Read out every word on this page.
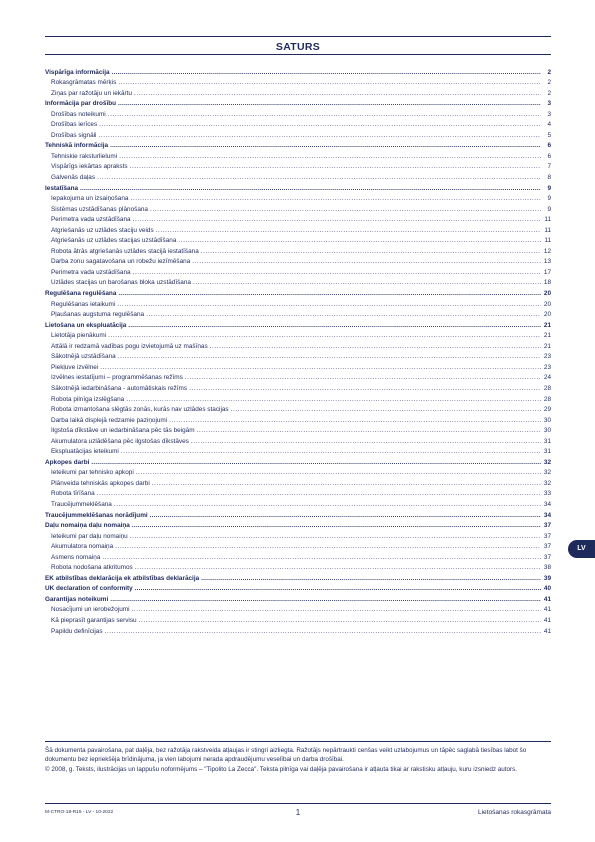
SATURS
Vispārīga informācija .....	2
Rokasgrāmatas mērķis .....	2
Ziņas par ražotāju un iekārtu .....	2
Informācija par drošību .....	3
Drošības noteikumi .....	3
Drošības ierīces .....	4
Drošības signāli .....	5
Tehniskā informācija .....	6
Tehniskie raksturlielumi .....	6
Vispārīgs iekārtas apraksts .....	7
Galvenās daļas .....	8
Iestatīšana .....	9
Iepakojuma un izsaiņošana .....	9
Sistēmas uzstādīšanas plānošana .....	9
Perimetra vada uzstādīšana .....	11
Atgriešanās uz uzlādes staciju veids .....	11
Atgriešanās uz uzlādes stacijas uzstādīšana .....	11
Robota ātrās atgriešanās uzlādes stacijā iestatīšana .....	12
Darba zonu sagatavošana un robežu iezīmēšana .....	13
Perimetra vada uzstādīšana .....	17
Uzlādes stacijas un barošanas bloka uzstādīšana .....	18
Regulēšana regulēšana .....	20
Regulēšanas ietaikumi .....	20
Pļaušanas augstuma regulēšana .....	20
Lietošana un ekspluatācija .....	21
Lietotāja pienākumi .....	21
Attālā ir redzamā vadības pogu izvietojumā uz mašīnas .....	21
Sākotnējā uzstādīšana .....	23
Piekļuve izvēlnei .....	23
Izvēlnes iestatījumi – programmēšanas režīms .....	24
Sākotnējā iedarbināšana - automātiskais režīms .....	28
Robota pilnīga izslēgšana .....	28
Robota izmantošana slēgtās zonās, kurās nav uzlādes stacijas .....	29
Darba laikā displejā redzamie paziņojumi .....	30
Ilgstoša dīkstāve un iedarbināšana pēc tās beigām .....	30
Akumulatora uzlādēšana pēc ilgstošas dīkstāves .....	31
Ekspluatācijas ieteikumi .....	31
Apkopes darbi .....	32
Ieteikumi par tehnisko apkopi .....	32
Plānveida tehniskās apkopes darbi .....	32
Robota tīrīšana .....	33
Traucējummeklēšana .....	34
Traucējummeklēšanas norādījumi .....	34
Daļu nomaiņa daļu nomaiņa .....	37
Ieteikumi par daļu nomaiņu .....	37
Akumulatora nomaiņa .....	37
Asmens nomaiņa .....	37
Robota nodošana atkritumos .....	38
EK atbilstības deklarācija ek atbilstības deklarācija .....	39
UK declaration of conformity .....	40
Garantijas noteikumi .....	41
Nosacījumi un ierobežojumi .....	41
Kā pieprasīt garantijas servisu .....	41
Papildu definīcijas .....	41
LV

Šā dokumenta pavairošana, pat daļēja, bez ražotāja rakstveida atļaujas ir stingri aizliegta. Ražotājs nepārtraukti cenšas veikt uzlabojumus un tāpēc saglabā tiesības labot šo dokumentu bez iepriekšēja brīdinājuma, ja vien labojumi nerada apdraudējumu veselībai un darba drošībai.

© 2008, g. Teksts, ilustrācijas un lappušu noformējums – "Tipolito La Zecca". Teksta pilnīga vai daļēja pavairošana ir atļauta tikai ar rakstisku atļauju, kuru izsniedz autors.

M-CTRO-18-R15 - LV - 10-2022	1	Lietošanas rokasgrāmata
